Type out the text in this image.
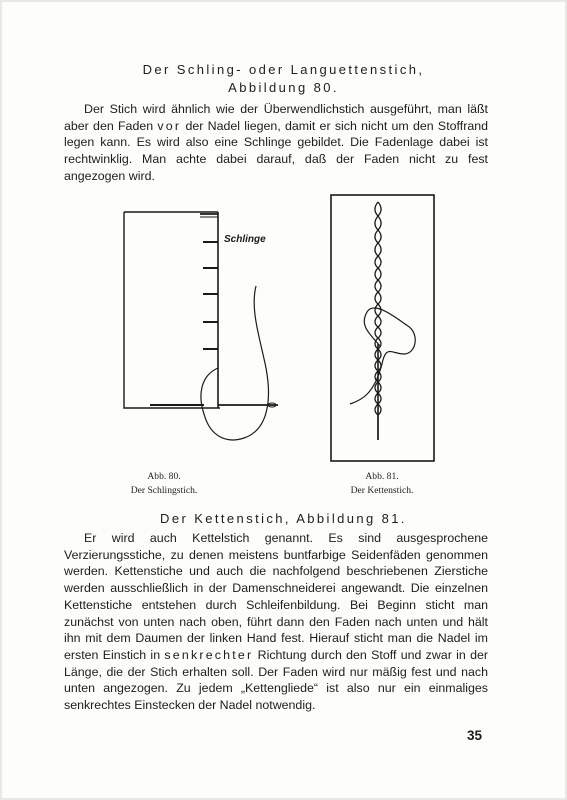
Der Schling- oder Languettenstich,
Abbildung 80.

Der Stich wird ähnlich wie der Überwendlichstich ausgeführt, man läßt aber den Faden vor der Nadel liegen, damit er sich nicht um den Stoffrand legen kann. Es wird also eine Schlinge gebildet. Die Fadenlage dabei ist rechtwinklig. Man achte dabei darauf, daß der Faden nicht zu fest angezogen wird.

Schlinge
Abb. 80.
Der Schlingstich.
Abb. 81.
Der Kettenstich.
Der Kettenstich, Abbildung 81.

Er wird auch Kettelstich genannt. Es sind ausgesprochene Verzierungsstiche, zu denen meistens buntfarbige Seidenfäden genommen werden. Kettenstiche und auch die nachfolgend beschriebenen Zierstiche werden ausschließlich in der Damenschneiderei angewandt. Die einzelnen Kettenstiche entstehen durch Schleifenbildung. Bei Beginn sticht man zunächst von unten nach oben, führt dann den Faden nach unten und hält ihn mit dem Daumen der linken Hand fest. Hierauf sticht man die Nadel im ersten Einstich in senkrechter Richtung durch den Stoff und zwar in der Länge, die der Stich erhalten soll. Der Faden wird nur mäßig fest und nach unten angezogen. Zu jedem „Kettengliede“ ist also nur ein einmaliges senkrechtes Einstecken der Nadel notwendig.

35
